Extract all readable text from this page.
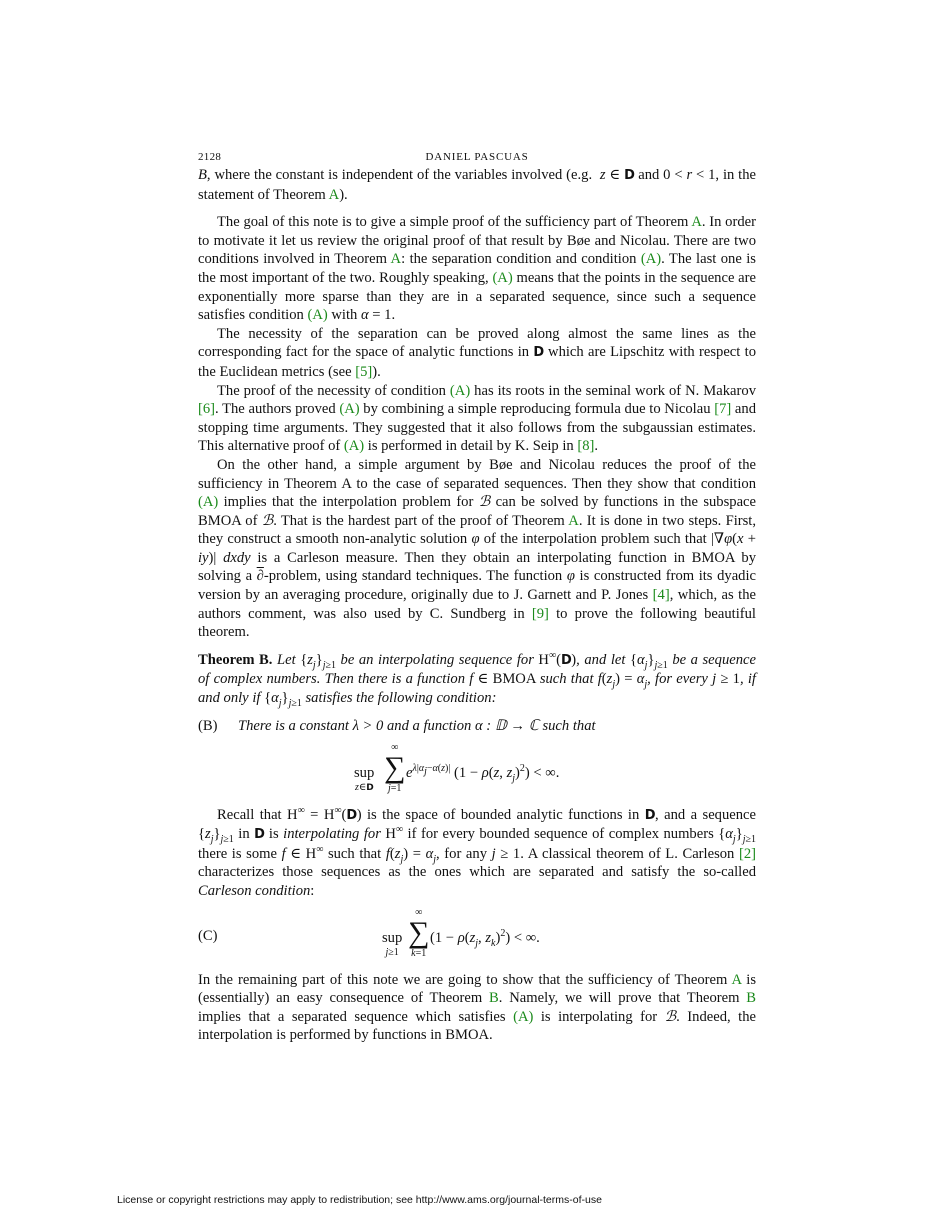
2128	DANIEL PASCUAS

B, where the constant is independent of the variables involved (e.g.  z ∈ D and 0 < r < 1, in the statement of Theorem A).

The goal of this note is to give a simple proof of the sufficiency part of Theorem A. In order to motivate it let us review the original proof of that result by Bøe and Nicolau. There are two conditions involved in Theorem A: the separation condition and condition (A). The last one is the most important of the two. Roughly speaking, (A) means that the points in the sequence are exponentially more sparse than they are in a separated sequence, since such a sequence satisfies condition (A) with α = 1.

The necessity of the separation can be proved along almost the same lines as the corresponding fact for the space of analytic functions in D which are Lipschitz with respect to the Euclidean metrics (see [5]).

The proof of the necessity of condition (A) has its roots in the seminal work of N. Makarov [6]. The authors proved (A) by combining a simple reproducing formula due to Nicolau [7] and stopping time arguments. They suggested that it also follows from the subgaussian estimates. This alternative proof of (A) is performed in detail by K. Seip in [8].

On the other hand, a simple argument by Bøe and Nicolau reduces the proof of the sufficiency in Theorem A to the case of separated sequences. Then they show that condition (A) implies that the interpolation problem for ℬ can be solved by functions in the subspace BMOA of ℬ. That is the hardest part of the proof of Theorem A. It is done in two steps. First, they construct a smooth non-analytic solution φ of the interpolation problem such that |∇φ(x + iy)| dxdy is a Carleson measure. Then they obtain an interpolating function in BMOA by solving a ∂-problem, using standard techniques. The function φ is constructed from its dyadic version by an averaging procedure, originally due to J. Garnett and P. Jones [4], which, as the authors comment, was also used by C. Sundberg in [9] to prove the following beautiful theorem.

Theorem B. Let $\{z_j\}_{j\ge 1}$ be an interpolating sequence for H∞(D), and let $\{\alpha_j\}_{j\ge 1}$ be a sequence of complex numbers. Then there is a function f ∈ BMOA such that $f(z_j) = \alpha_j$, for every j ≥ 1, if and only if $\{\alpha_j\}_{j\ge 1}$ satisfies the following condition:

(B) There is a constant λ > 0 and a function α : 𝔻 → ℂ such that
sup
z∈D
∞
∑
j=1
$e^{\lambda|\alpha_j-\alpha(z)|}$ (1 − ρ(z, $z_j)^2$) < ∞.

Recall that H∞ = H∞(D) is the space of bounded analytic functions in D, and a sequence $\{z_j\}_{j\ge 1}$ in D is interpolating for H∞ if for every bounded sequence of complex numbers $\{\alpha_j\}_{j\ge 1}$ there is some f ∈ H∞ such that $f(z_j) = \alpha_j$, for any j ≥ 1. A classical theorem of L. Carleson [2] characterizes those sequences as the ones which are separated and satisfy the so-called Carleson condition:

(C)	sup
j≥1
∞
∑
k=1
($1 - \rho(z_j$, $z_k)^2$) < ∞.

In the remaining part of this note we are going to show that the sufficiency of Theorem A is (essentially) an easy consequence of Theorem B. Namely, we will prove that Theorem B implies that a separated sequence which satisfies (A) is interpolating for ℬ. Indeed, the interpolation is performed by functions in BMOA.

License or copyright restrictions may apply to redistribution; see http://www.ams.org/journal-terms-of-use
